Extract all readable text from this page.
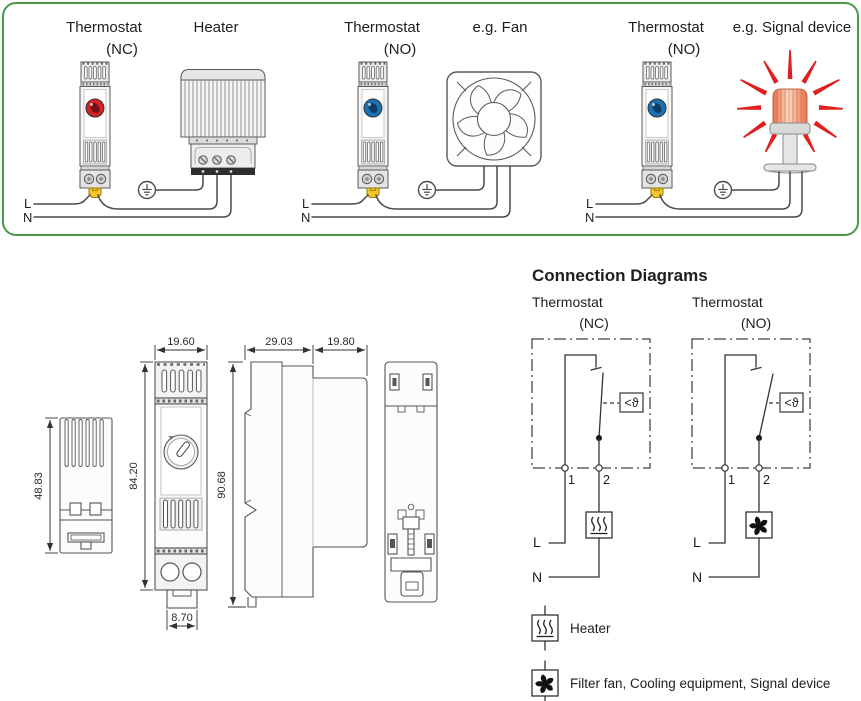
Thermostat
(NC)
Heater
L
N
Thermostat
(NO)
e.g. Fan
L
N
Thermostat
(NO)
e.g. Signal device
L
N
48.83
19.60
84.20
8.70
29.03	19.80
90.68
Connection Diagrams
Thermostat
(NC)
<ϑ
1 2
L
N
Thermostat
(NO)
<ϑ
1 2
L
N
Heater
Filter fan, Cooling equipment, Signal device
